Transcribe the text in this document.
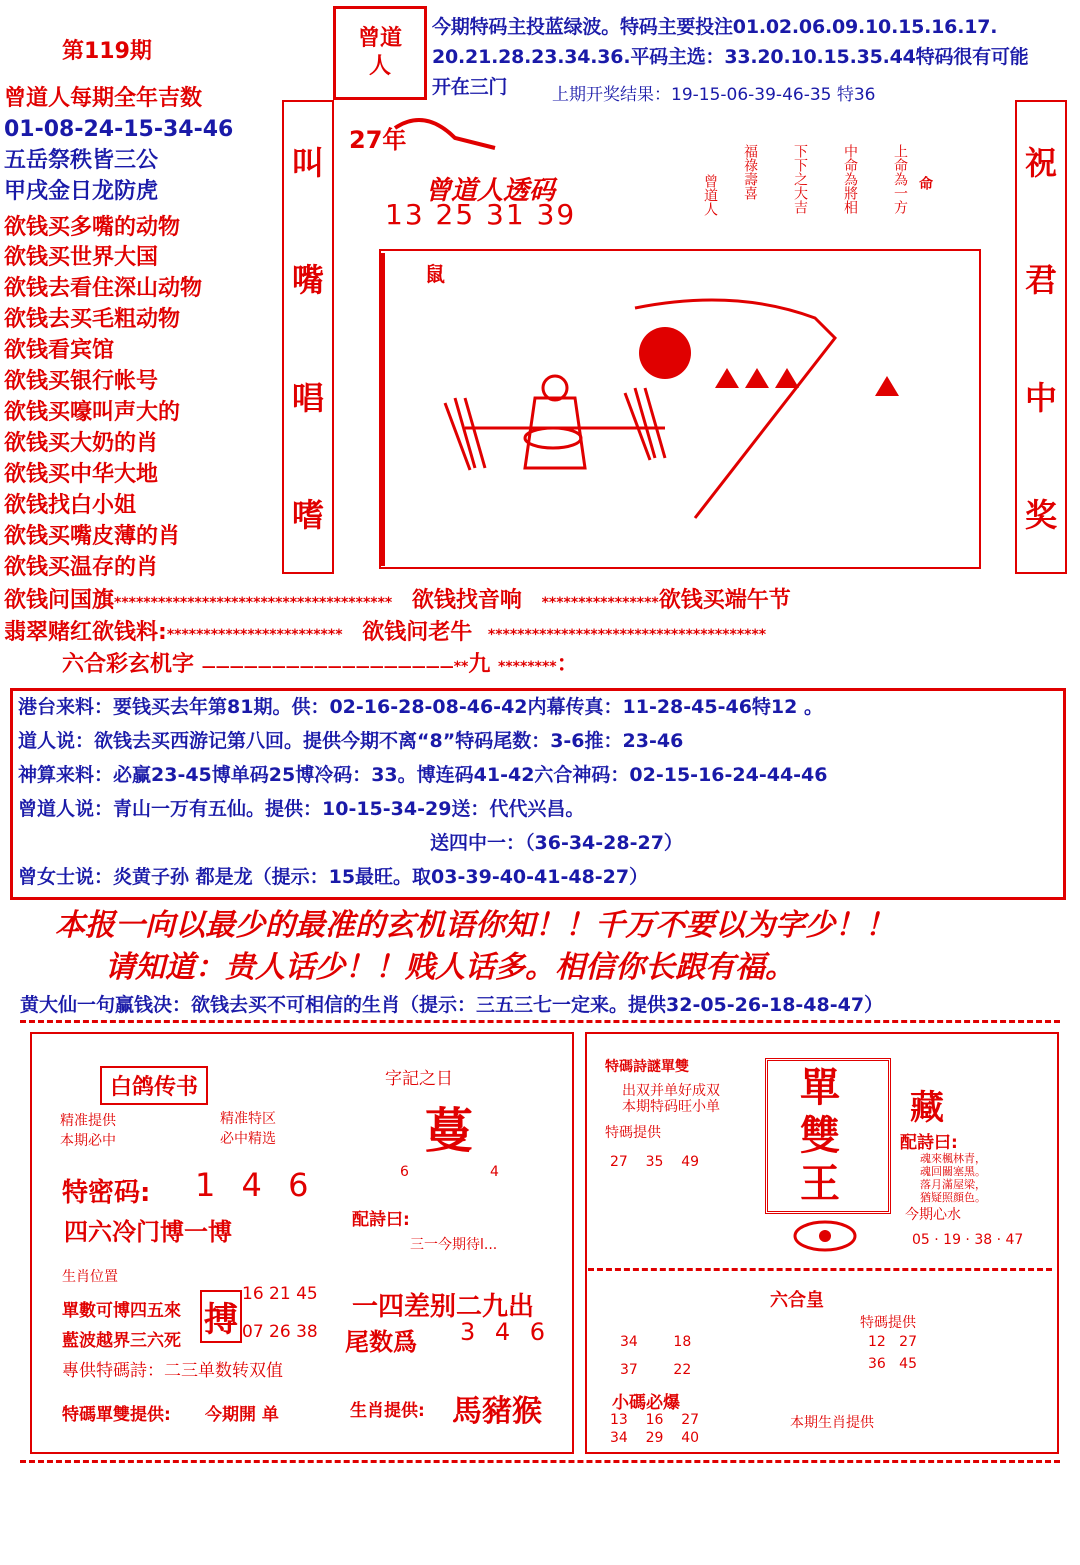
第119期
曾道
人
今期特码主投蓝绿波。特码主要投注01.02.06.09.10.15.16.17.
20.21.28.23.34.36.平码主选：33.20.10.15.35.44特码很有可能
开在三门	上期开奖结果：19-15-06-39-46-35 特36
曾道人每期全年吉数
01-08-24-15-34-46
五岳祭秩皆三公
甲戌金日龙防虎
欲钱买多嘴的动物
欲钱买世界大国
欲钱去看住深山动物
欲钱去买毛粗动物
欲钱看宾馆
欲钱买银行帐号
欲钱买嚎叫声大的
欲钱买大奶的肖
欲钱买中华大地
欲钱找白小姐
欲钱买嘴皮薄的肖
欲钱买温存的肖
叫
嘴
唱
嗜
祝
君
中
奖
27年
曾道人透码
13 25 31 39
鼠
命
上命為一方
中命為將相
下下之大吉
福祿壽喜
曾道人
欲钱问国旗************************************** 欲钱找音响 ****************欲钱买端午节
翡翠赌红欲钱料:************************ 欲钱问老牛 **************************************
六合彩玄机字 ——————————————————**九 ********：
港台来料：要钱买去年第81期。供：02-16-28-08-46-42内幕传真：11-28-45-46特12 。
道人说：欲钱去买西游记第八回。提供今期不离“8”特码尾数：3-6推：23-46
神算来料：必赢23-45博单码25博冷码：33。博连码41-42六合神码：02-15-16-24-44-46
曾道人说：青山一万有五仙。提供：10-15-34-29送：代代兴昌。
送四中一：（36-34-28-27）
曾女士说：炎黄子孙 都是龙（提示：15最旺。取03-39-40-41-48-27）
本报一向以最少的最准的玄机语你知！！千万不要以为字少！！
请知道：贵人话少！！贱人话多。相信你长跟有福。
黄大仙一句赢钱决：欲钱去买不可相信的生肖（提示：三五三七一定来。提供32-05-26-18-48-47）
白鸽传书
精准提供
本期必中
精准特区
必中精选
字記之日
蔓
6	4
特密码: 1 4 6
四六冷门博一博	配詩曰:
三一今期待l...
生肖位置
單數可博四五來
藍波越界三六死
搏
16 21 45
07 26 38
一四差别二九出
尾数爲 3 4 6
專供特碼詩：二三单数转双值
特碼單雙提供: 今期開 单	生肖提供: 馬豬猴
特碼詩謎單雙
出双并单好成双
本期特码旺小单
特碼提供
27    35    49
單
雙
王
藏
配詩曰:
魂來楓林青，
魂回關塞黑。
落月滿屋梁，
猶疑照顔色。
今期心水
05 · 19 · 38 · 47
六合皇
特碼提供
34        18
37        22
12   27
36   45
小碼必爆
13    16    27
34    29    40
本期生肖提供
